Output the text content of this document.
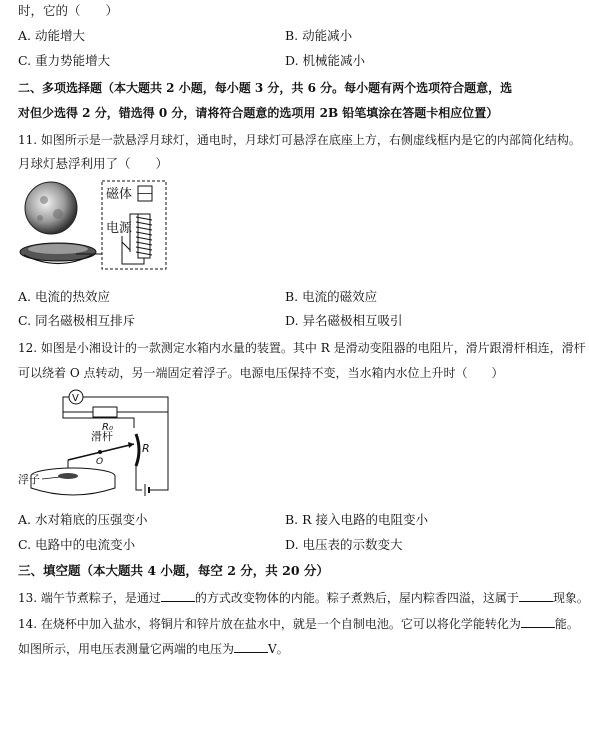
时，它的（　　）
A. 动能增大	B. 动能减小
C. 重力势能增大	D. 机械能减小
二、多项选择题（本大题共 2 小题，每小题 3 分，共 6 分。每小题有两个选项符合题意，选
对但少选得 2 分，错选得 0 分，请将符合题意的选项用 2B 铅笔填涂在答题卡相应位置）
11. 如图所示是一款悬浮月球灯，通电时，月球灯可悬浮在底座上方，右侧虚线框内是它的内部简化结构。
月球灯悬浮利用了（　　）
磁体
电源
A. 电流的热效应	B. 电流的磁效应
C. 同名磁极相互排斥	D. 异名磁极相互吸引
12. 如图是小湘设计的一款测定水箱内水量的装置。其中 R 是滑动变阻器的电阻片，滑片跟滑杆相连，滑杆
可以绕着 O 点转动，另一端固定着浮子。电源电压保持不变，当水箱内水位上升时（　　）
V
R₀
滑杆
R
O
浮子
A. 水对箱底的压强变小	B. R 接入电路的电阻变小
C. 电路中的电流变小	D. 电压表的示数变大
三、填空题（本大题共 4 小题，每空 2 分，共 20 分）
13. 端午节煮粽子，是通过	的方式改变物体的内能。粽子煮熟后，屋内粽香四溢，这属于	现象。
14. 在烧杯中加入盐水，将铜片和锌片放在盐水中，就是一个自制电池。它可以将化学能转化为	能。
如图所示，用电压表测量它两端的电压为	V。
